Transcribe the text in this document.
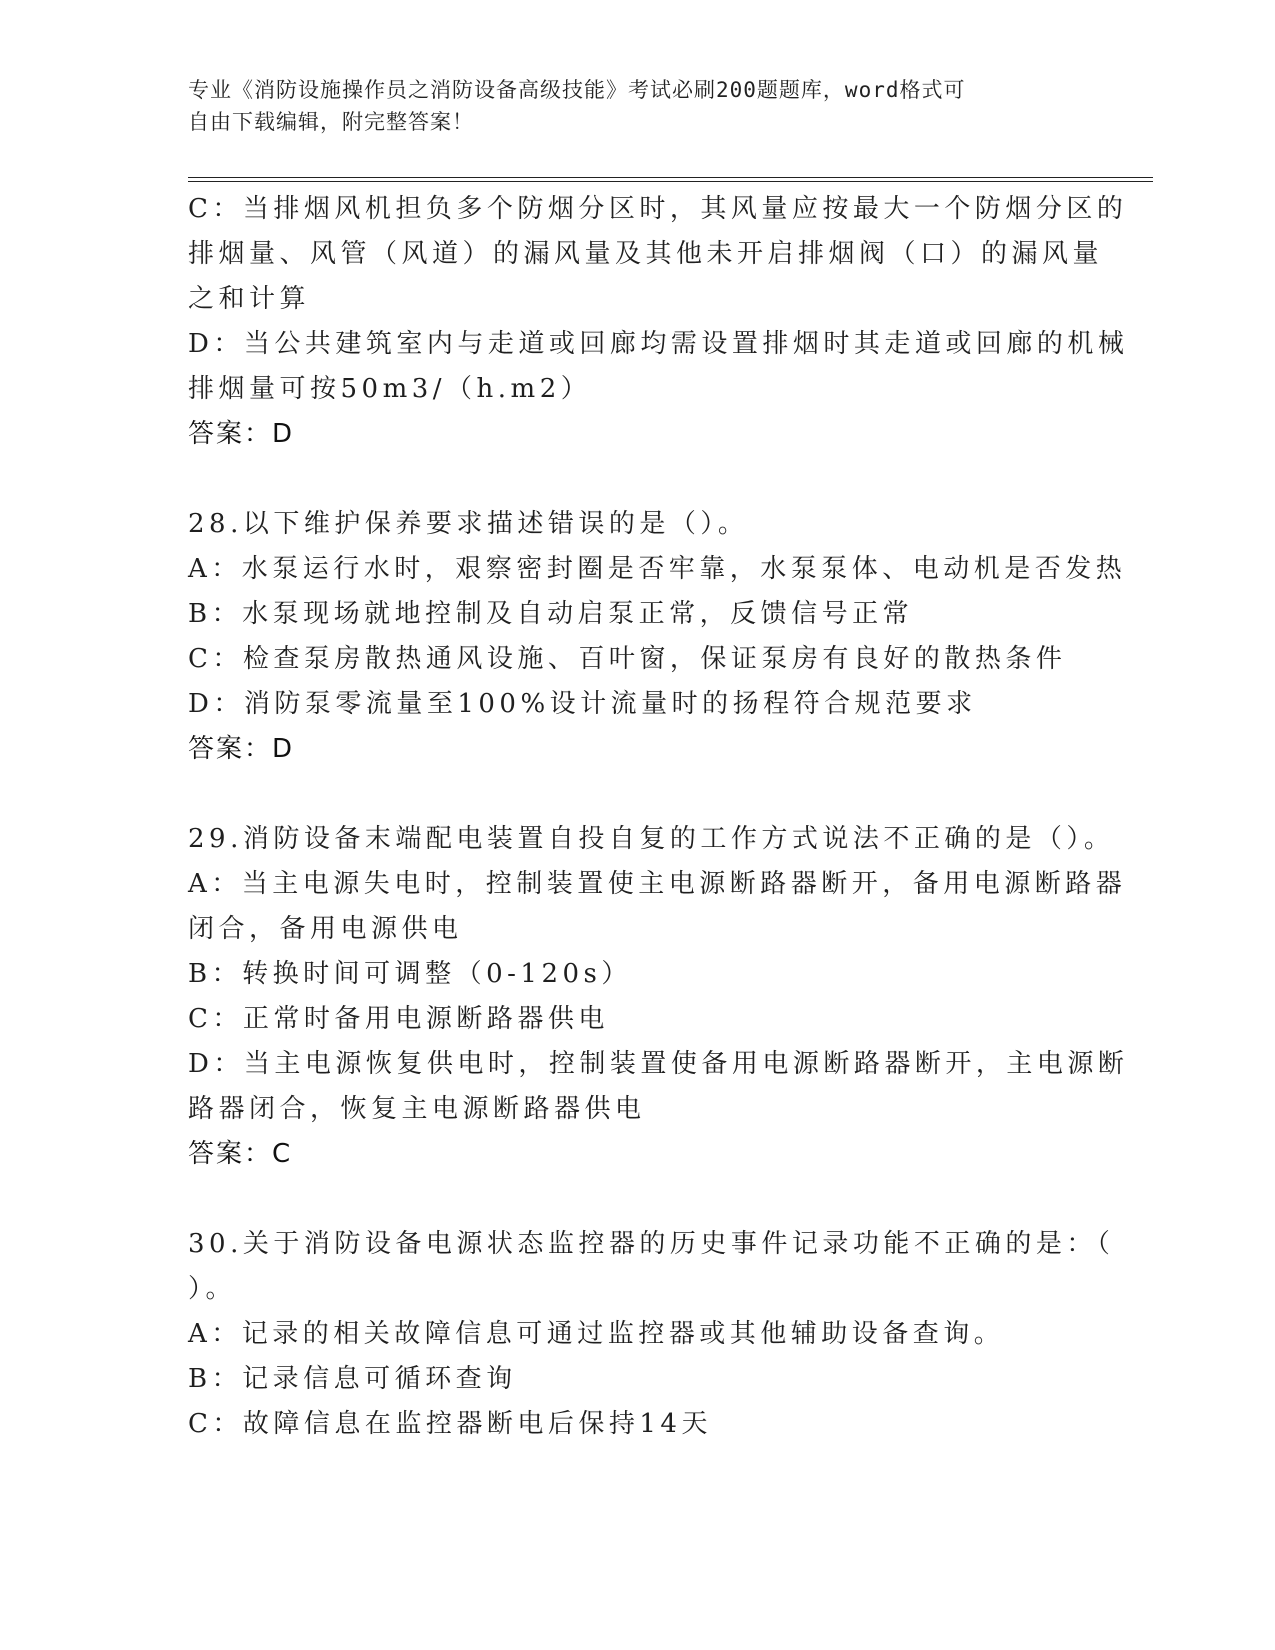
专业《消防设施操作员之消防设备高级技能》考试必刷200题题库，word格式可
自由下载编辑，附完整答案！
C：当排烟风机担负多个防烟分区时，其风量应按最大一个防烟分区的
排烟量、风管（风道）的漏风量及其他未开启排烟阀（口）的漏风量
之和计算
D：当公共建筑室内与走道或回廊均需设置排烟时其走道或回廊的机械
排烟量可按50m3/（h.m2）
答案：D
28.以下维护保养要求描述错误的是（）。
A：水泵运行水时，艰察密封圈是否牢靠，水泵泵体、电动机是否发热
B：水泵现场就地控制及自动启泵正常，反馈信号正常
C：检查泵房散热通风设施、百叶窗，保证泵房有良好的散热条件
D：消防泵零流量至100%设计流量时的扬程符合规范要求
答案：D
29.消防设备末端配电装置自投自复的工作方式说法不正确的是（）。
A：当主电源失电时，控制装置使主电源断路器断开，备用电源断路器
闭合，备用电源供电
B：转换时间可调整（0-120s）
C：正常时备用电源断路器供电
D：当主电源恢复供电时，控制装置使备用电源断路器断开，主电源断
路器闭合，恢复主电源断路器供电
答案：C
30.关于消防设备电源状态监控器的历史事件记录功能不正确的是：（
）。
A：记录的相关故障信息可通过监控器或其他辅助设备查询。
B：记录信息可循环查询
C：故障信息在监控器断电后保持14天
